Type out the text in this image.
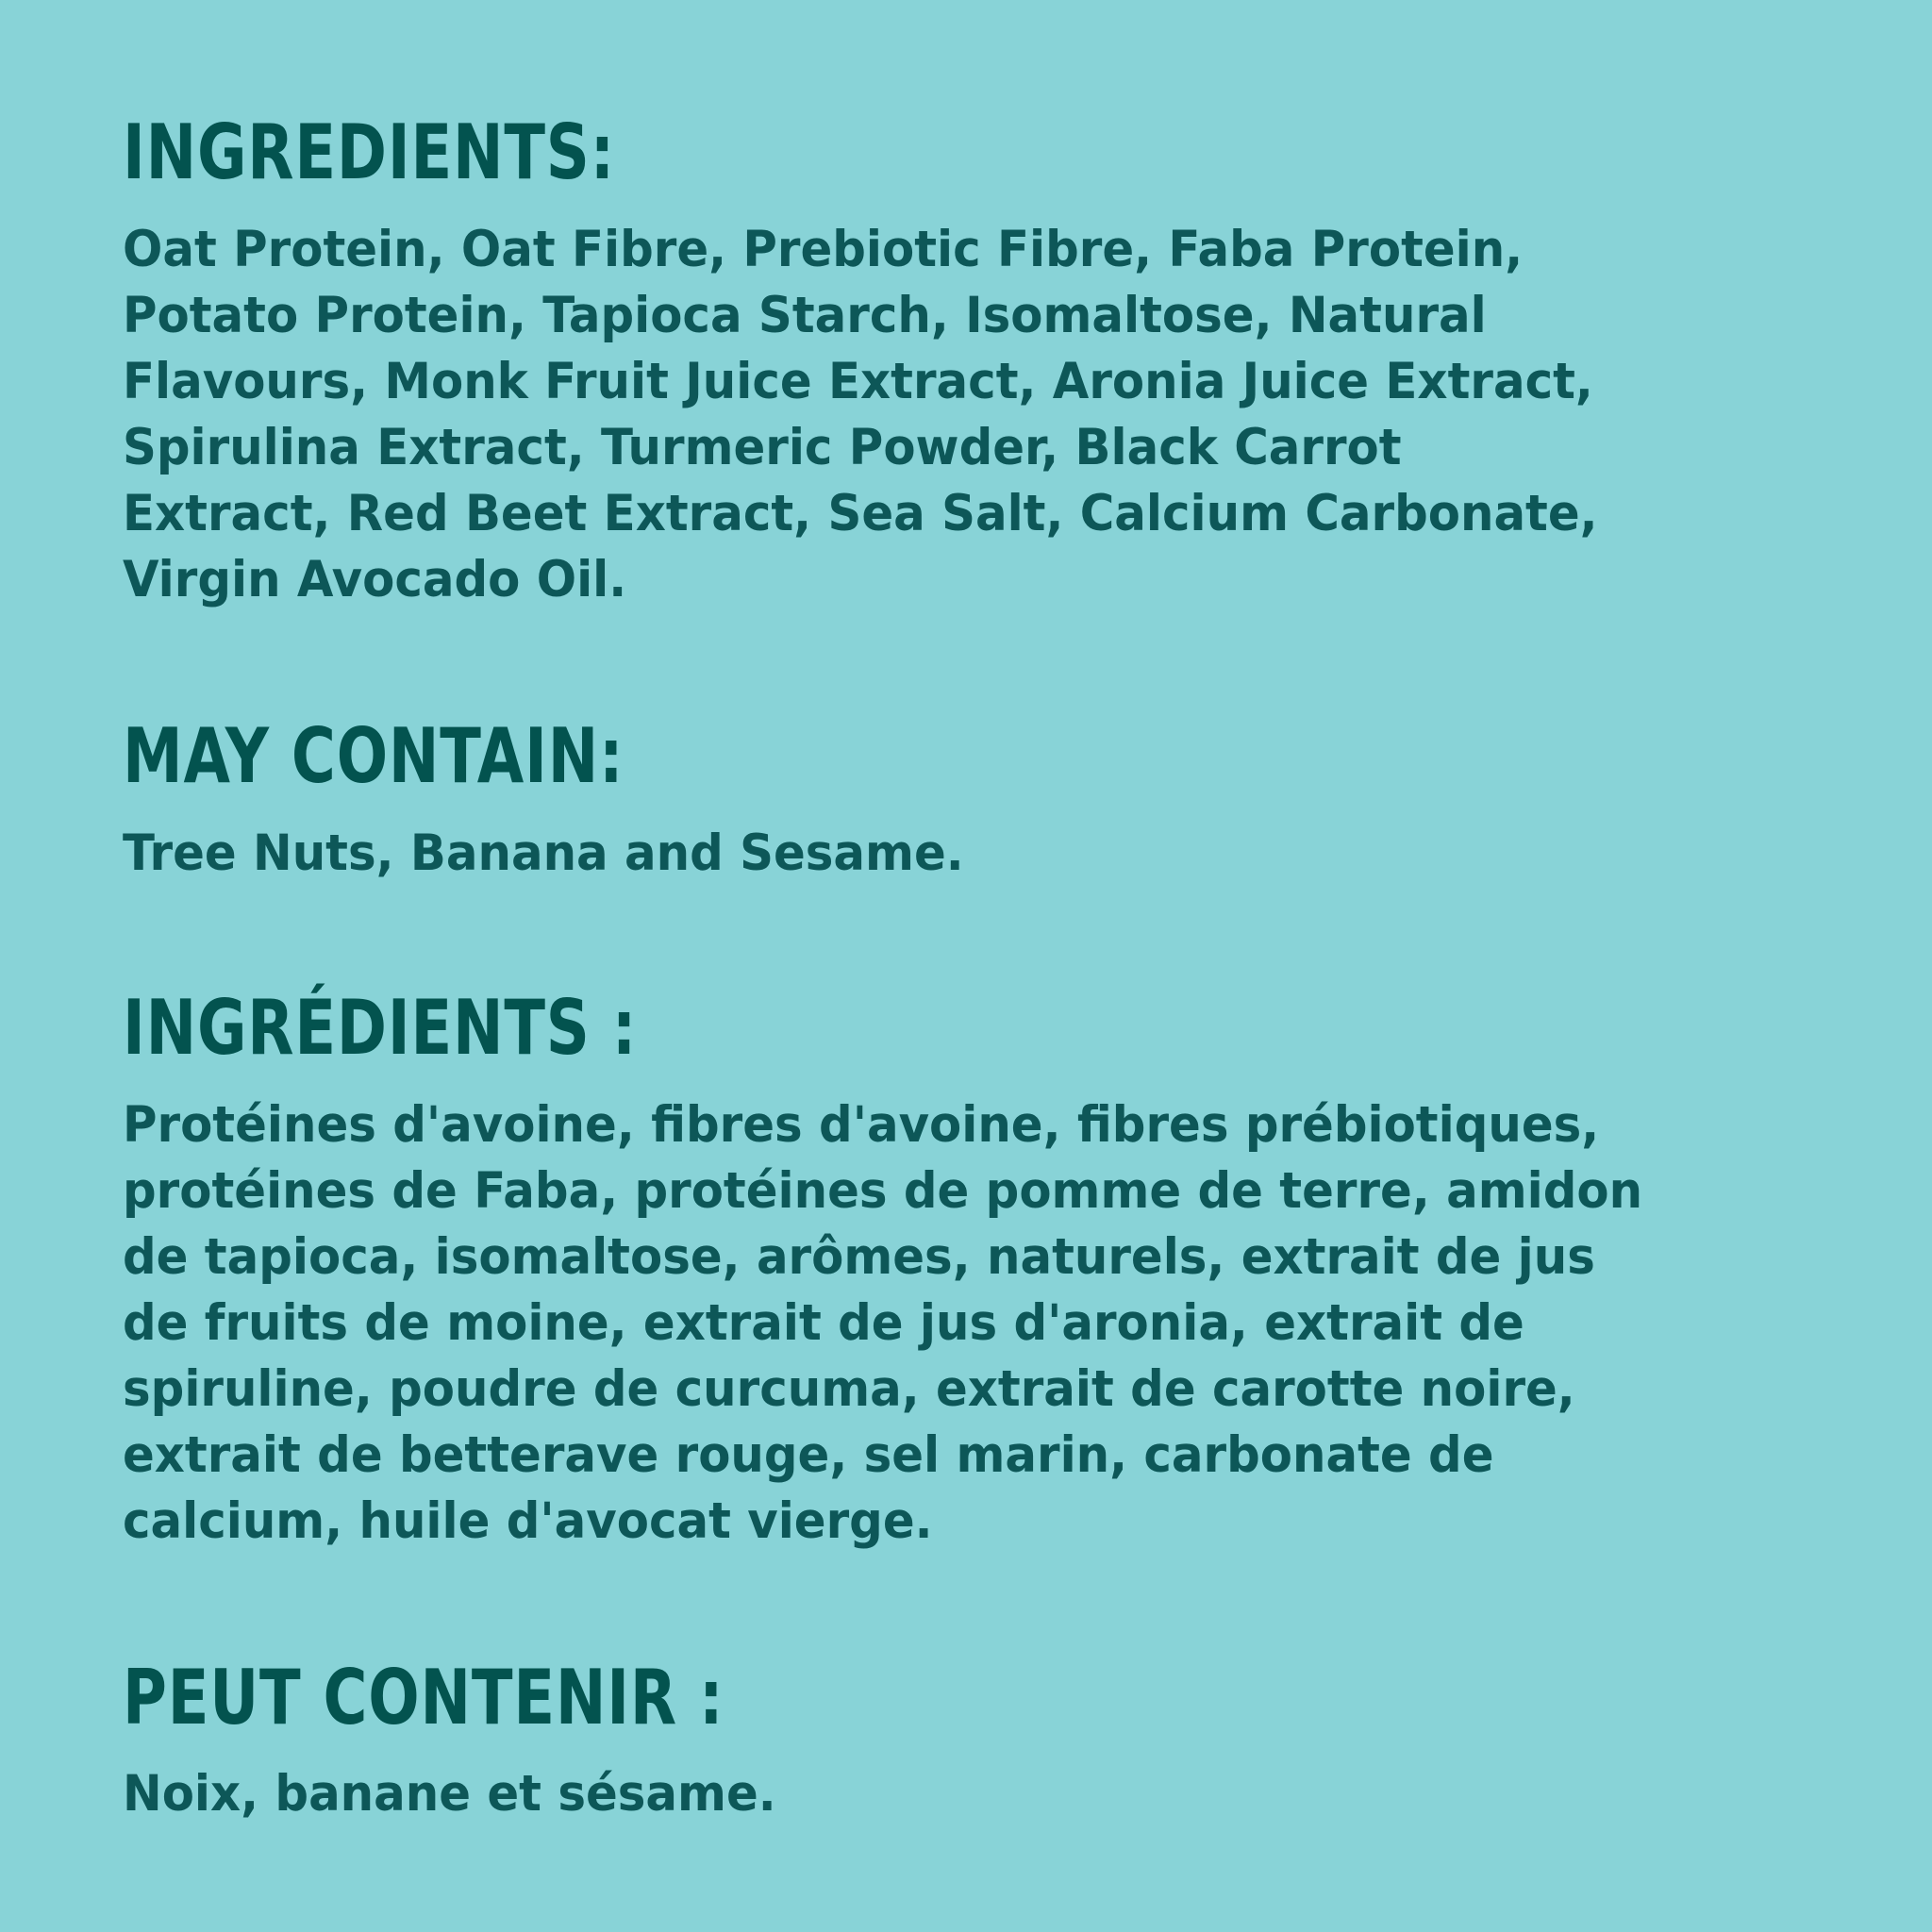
INGREDIENTS:

Oat Protein, Oat Fibre, Prebiotic Fibre, Faba Protein,
Potato Protein, Tapioca Starch, Isomaltose, Natural
Flavours, Monk Fruit Juice Extract, Aronia Juice Extract,
Spirulina Extract, Turmeric Powder, Black Carrot
Extract, Red Beet Extract, Sea Salt, Calcium Carbonate,
Virgin Avocado Oil.

MAY CONTAIN:

Tree Nuts, Banana and Sesame.

INGRÉDIENTS :

Protéines d'avoine, fibres d'avoine, fibres prébiotiques,
protéines de Faba, protéines de pomme de terre, amidon
de tapioca, isomaltose, arômes, naturels, extrait de jus
de fruits de moine, extrait de jus d'aronia, extrait de
spiruline, poudre de curcuma, extrait de carotte noire,
extrait de betterave rouge, sel marin, carbonate de
calcium, huile d'avocat vierge.

PEUT CONTENIR :

Noix, banane et sésame.
